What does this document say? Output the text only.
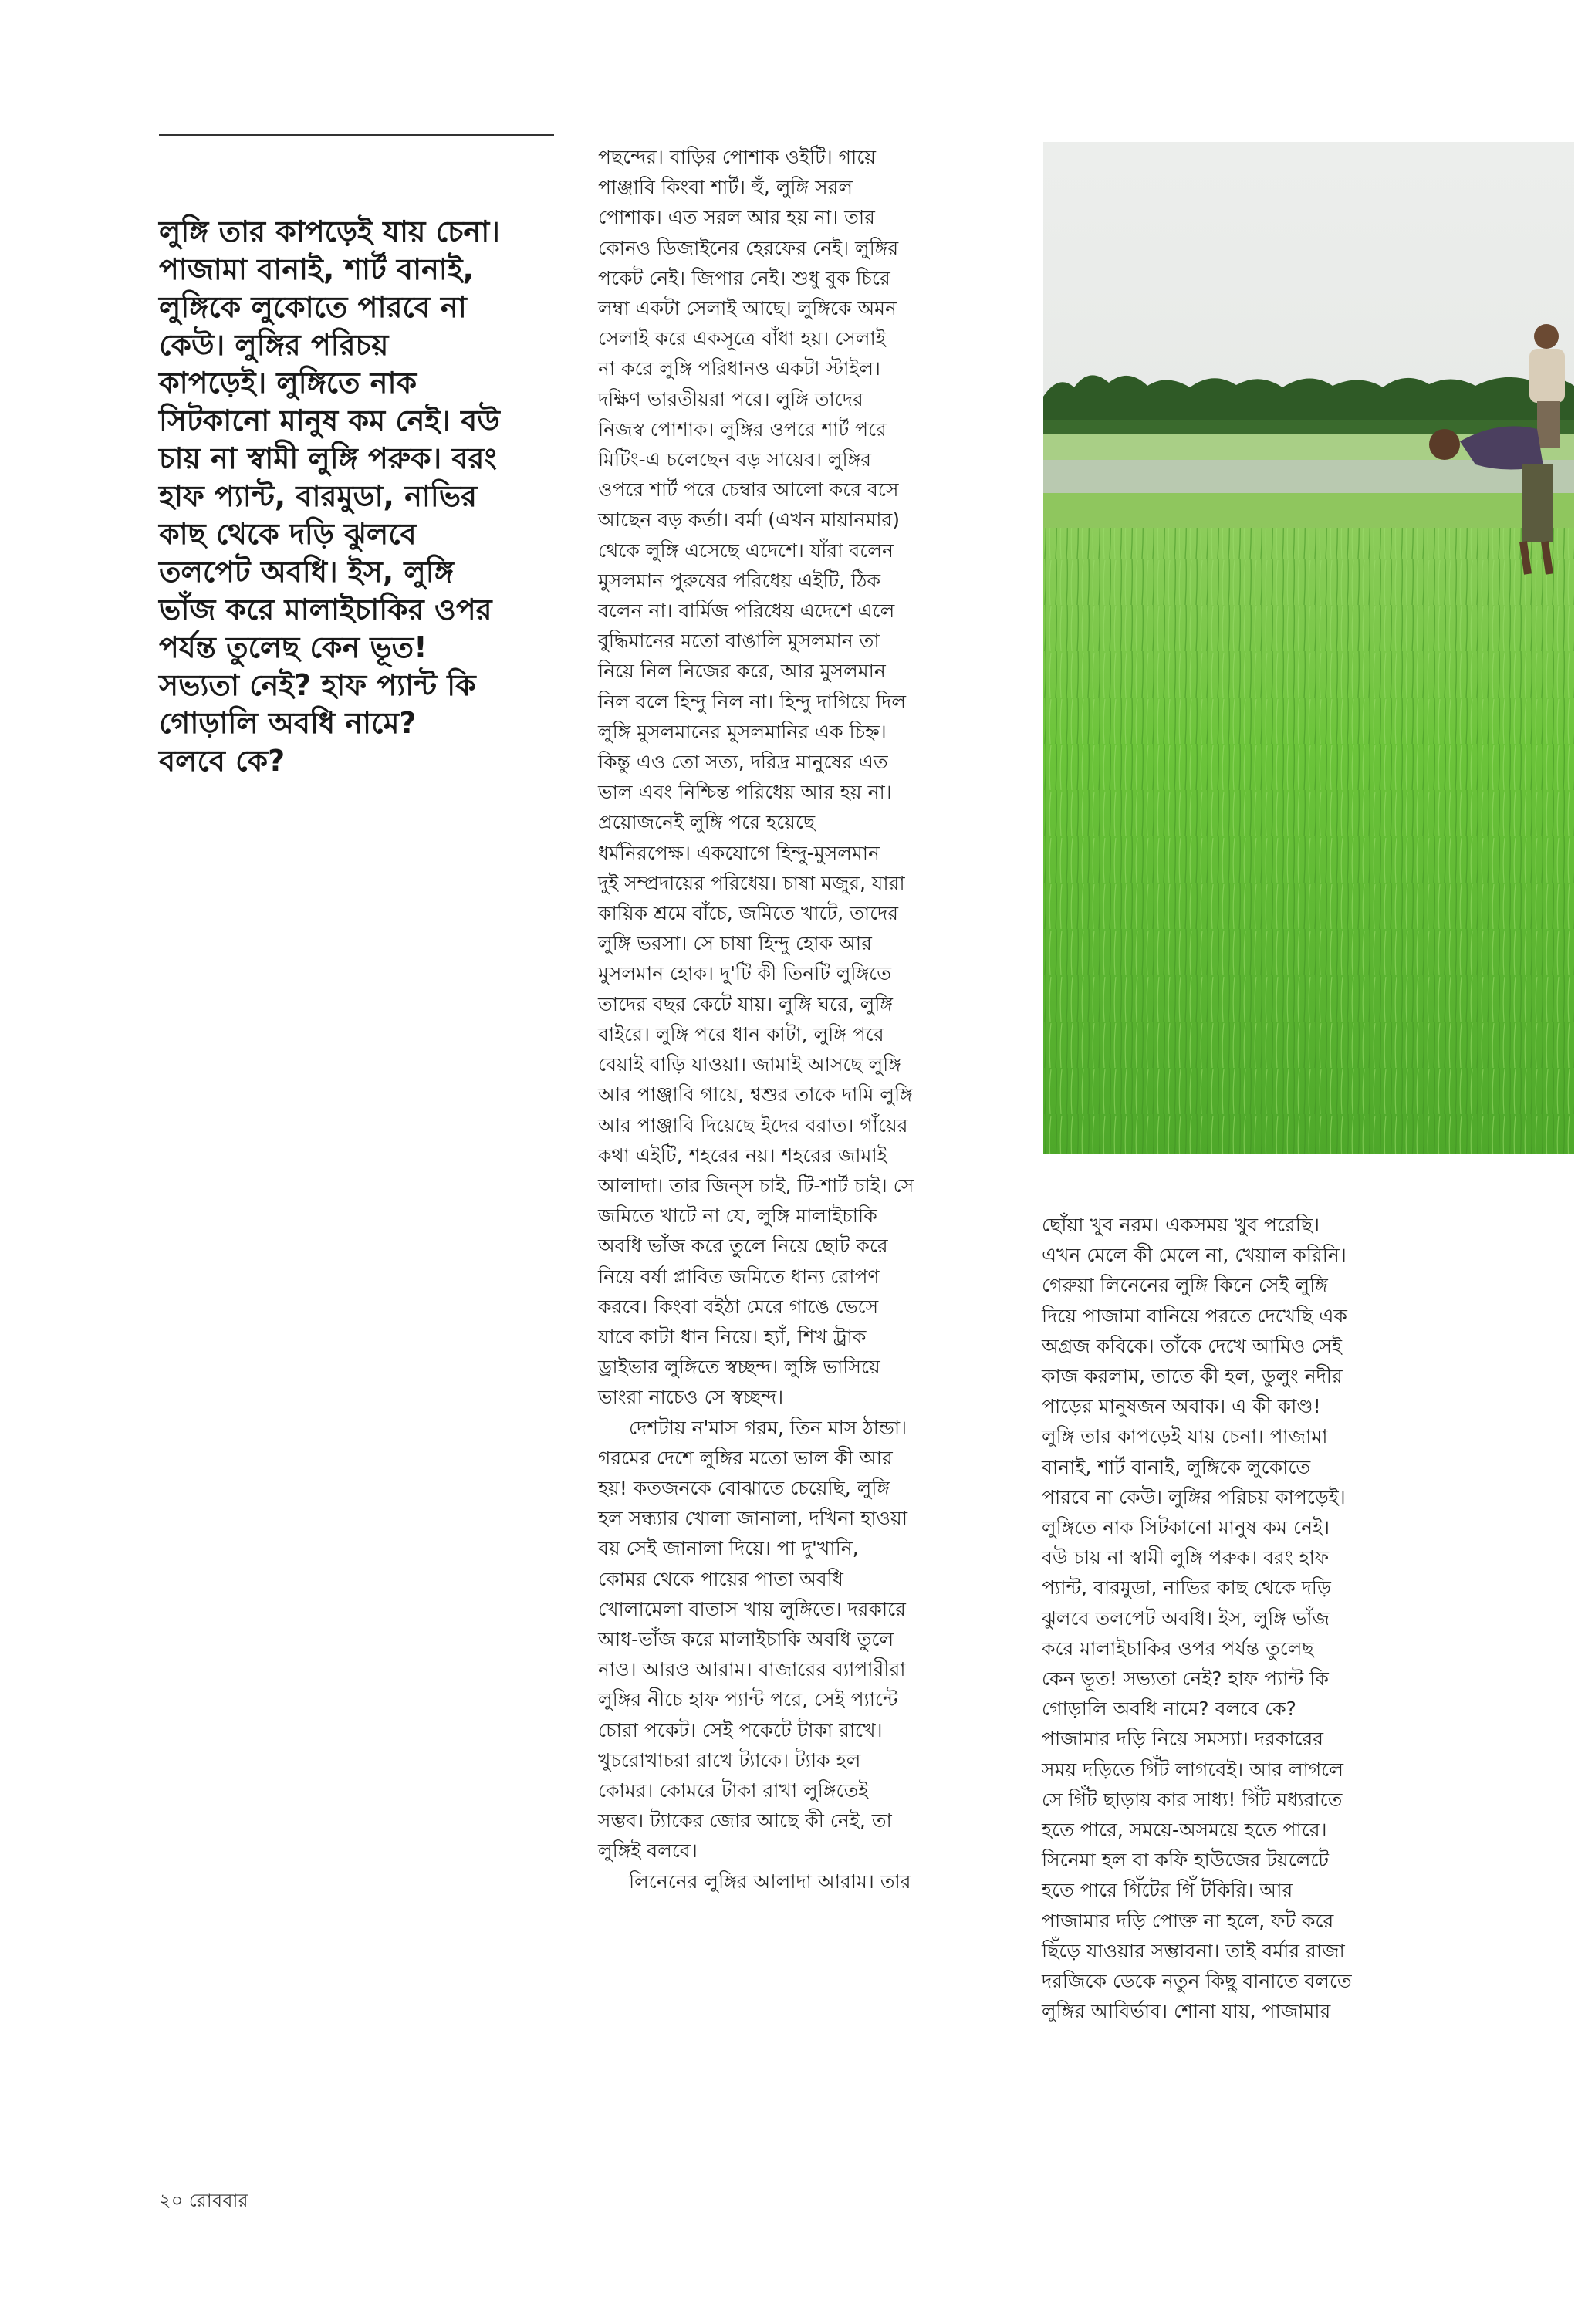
লুঙ্গি তার কাপড়েই যায় চেনা।
পাজামা বানাই, শার্ট বানাই,
লুঙ্গিকে লুকোতে পারবে না
কেউ। লুঙ্গির পরিচয়
কাপড়েই। লুঙ্গিতে নাক
সিটকানো মানুষ কম নেই। বউ
চায় না স্বামী লুঙ্গি পরুক। বরং
হাফ প্যান্ট, বারমুডা, নাভির
কাছ থেকে দড়ি ঝুলবে
তলপেট অবধি। ইস, লুঙ্গি
ভাঁজ করে মালাইচাকির ওপর
পর্যন্ত তুলেছ কেন ভূত!
সভ্যতা নেই? হাফ প্যান্ট কি
গোড়ালি অবধি নামে?
বলবে কে?

পছন্দের। বাড়ির পোশাক ওইটি। গায়ে
পাঞ্জাবি কিংবা শার্ট। হুঁ, লুঙ্গি সরল
পোশাক। এত সরল আর হয় না। তার
কোনও ডিজাইনের হেরফের নেই। লুঙ্গির
পকেট নেই। জিপার নেই। শুধু বুক চিরে
লম্বা একটা সেলাই আছে। লুঙ্গিকে অমন
সেলাই করে একসূত্রে বাঁধা হয়। সেলাই
না করে লুঙ্গি পরিধানও একটা স্টাইল।
দক্ষিণ ভারতীয়রা পরে। লুঙ্গি তাদের
নিজস্ব পোশাক। লুঙ্গির ওপরে শার্ট পরে
মিটিং-এ চলেছেন বড় সায়েব। লুঙ্গির
ওপরে শার্ট পরে চেম্বার আলো করে বসে
আছেন বড় কর্তা। বর্মা (এখন মায়ানমার)
থেকে লুঙ্গি এসেছে এদেশে। যাঁরা বলেন
মুসলমান পুরুষের পরিধেয় এইটি, ঠিক
বলেন না। বার্মিজ পরিধেয় এদেশে এলে
বুদ্ধিমানের মতো বাঙালি মুসলমান তা
নিয়ে নিল নিজের করে, আর মুসলমান
নিল বলে হিন্দু নিল না। হিন্দু দাগিয়ে দিল
লুঙ্গি মুসলমানের মুসলমানির এক চিহ্ন।
কিন্তু এও তো সত্য, দরিদ্র মানুষের এত
ভাল এবং নিশ্চিন্ত পরিধেয় আর হয় না।
প্রয়োজনেই লুঙ্গি পরে হয়েছে
ধর্মনিরপেক্ষ। একযোগে হিন্দু-মুসলমান
দুই সম্প্রদায়ের পরিধেয়। চাষা মজুর, যারা
কায়িক শ্রমে বাঁচে, জমিতে খাটে, তাদের
লুঙ্গি ভরসা। সে চাষা হিন্দু হোক আর
মুসলমান হোক। দু'টি কী তিনটি লুঙ্গিতে
তাদের বছর কেটে যায়। লুঙ্গি ঘরে, লুঙ্গি
বাইরে। লুঙ্গি পরে ধান কাটা, লুঙ্গি পরে
বেয়াই বাড়ি যাওয়া। জামাই আসছে লুঙ্গি
আর পাঞ্জাবি গায়ে, শ্বশুর তাকে দামি লুঙ্গি
আর পাঞ্জাবি দিয়েছে ইদের বরাত। গাঁয়ের
কথা এইটি, শহরের নয়। শহরের জামাই
আলাদা। তার জিন্‌স চাই, টি-শার্ট চাই। সে
জমিতে খাটে না যে, লুঙ্গি মালাইচাকি
অবধি ভাঁজ করে তুলে নিয়ে ছোট করে
নিয়ে বর্ষা প্লাবিত জমিতে ধান্য রোপণ
করবে। কিংবা বইঠা মেরে গাঙে ভেসে
যাবে কাটা ধান নিয়ে। হ্যাঁ, শিখ ট্রাক
ড্রাইভার লুঙ্গিতে স্বচ্ছন্দ। লুঙ্গি ভাসিয়ে
ভাংরা নাচেও সে স্বচ্ছন্দ।

দেশটায় ন'মাস গরম, তিন মাস ঠান্ডা।
গরমের দেশে লুঙ্গির মতো ভাল কী আর
হয়! কতজনকে বোঝাতে চেয়েছি, লুঙ্গি
হল সন্ধ্যার খোলা জানালা, দখিনা হাওয়া
বয় সেই জানালা দিয়ে। পা দু'খানি,
কোমর থেকে পায়ের পাতা অবধি
খোলামেলা বাতাস খায় লুঙ্গিতে। দরকারে
আধ-ভাঁজ করে মালাইচাকি অবধি তুলে
নাও। আরও আরাম। বাজারের ব্যাপারীরা
লুঙ্গির নীচে হাফ প্যান্ট পরে, সেই প্যান্টে
চোরা পকেট। সেই পকেটে টাকা রাখে।
খুচরোখাচরা রাখে ট্যাকে। ট্যাক হল
কোমর। কোমরে টাকা রাখা লুঙ্গিতেই
সম্ভব। ট্যাকের জোর আছে কী নেই, তা
লুঙ্গিই বলবে।

লিনেনের লুঙ্গির আলাদা আরাম। তার

ছোঁয়া খুব নরম। একসময় খুব পরেছি।
এখন মেলে কী মেলে না, খেয়াল করিনি।
গেরুয়া লিনেনের লুঙ্গি কিনে সেই লুঙ্গি
দিয়ে পাজামা বানিয়ে পরতে দেখেছি এক
অগ্রজ কবিকে। তাঁকে দেখে আমিও সেই
কাজ করলাম, তাতে কী হল, ডুলুং নদীর
পাড়ের মানুষজন অবাক। এ কী কাণ্ড!
লুঙ্গি তার কাপড়েই যায় চেনা। পাজামা
বানাই, শার্ট বানাই, লুঙ্গিকে লুকোতে
পারবে না কেউ। লুঙ্গির পরিচয় কাপড়েই।
লুঙ্গিতে নাক সিটকানো মানুষ কম নেই।
বউ চায় না স্বামী লুঙ্গি পরুক। বরং হাফ
প্যান্ট, বারমুডা, নাভির কাছ থেকে দড়ি
ঝুলবে তলপেট অবধি। ইস, লুঙ্গি ভাঁজ
করে মালাইচাকির ওপর পর্যন্ত তুলেছ
কেন ভূত! সভ্যতা নেই? হাফ প্যান্ট কি
গোড়ালি অবধি নামে? বলবে কে?
পাজামার দড়ি নিয়ে সমস্যা। দরকারের
সময় দড়িতে গিঁট লাগবেই। আর লাগলে
সে গিঁট ছাড়ায় কার সাধ্য! গিঁট মধ্যরাতে
হতে পারে, সময়ে-অসময়ে হতে পারে।
সিনেমা হল বা কফি হাউজের টয়লেটে
হতে পারে গিঁটের গিঁ টকিরি। আর
পাজামার দড়ি পোক্ত না হলে, ফট করে
ছিঁড়ে যাওয়ার সম্ভাবনা। তাই বর্মার রাজা
দরজিকে ডেকে নতুন কিছু বানাতে বলতে
লুঙ্গির আবির্ভাব। শোনা যায়, পাজামার

২০ রোববার
